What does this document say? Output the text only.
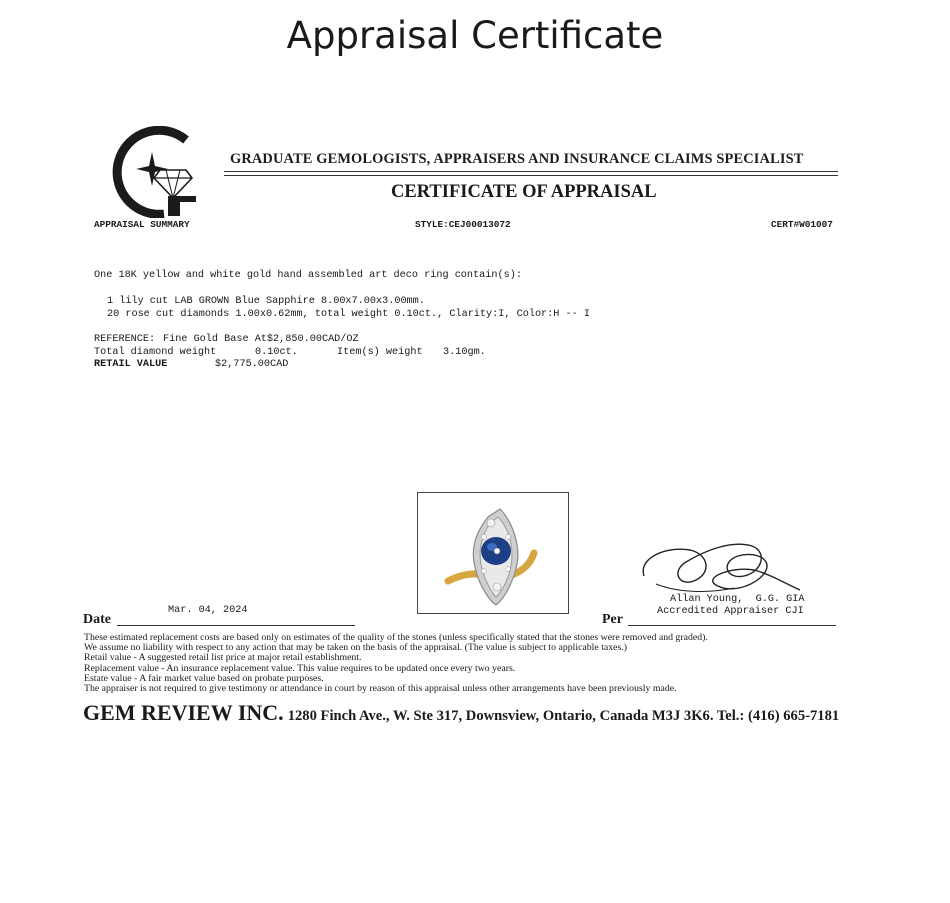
Appraisal Certificate
GRADUATE GEMOLOGISTS, APPRAISERS AND INSURANCE CLAIMS SPECIALIST
CERTIFICATE OF APPRAISAL
APPRAISAL SUMMARY	STYLE:CEJ00013072	CERT#W01007
One 18K yellow and white gold hand assembled art deco ring contain(s):
1 lily cut LAB GROWN Blue Sapphire 8.00x7.00x3.00mm.
20 rose cut diamonds 1.00x0.62mm, total weight 0.10ct., Clarity:I, Color:H -- I
REFERENCE: Fine Gold Base At$2,850.00CAD/OZ
Total diamond weight	0.10ct.	Item(s) weight 3.10gm.
RETAIL VALUE	$2,775.00CAD
Allan Young,  G.G. GIA
Accredited Appraiser CJI
Mar. 04, 2024
Date	Per
These estimated replacement costs are based only on estimates of the quality of the stones (unless specifically stated that the stones were removed and graded).
We assume no liability with respect to any action that may be taken on the basis of the appraisal. (The value is subject to applicable taxes.)
Retail value - A suggested retail list price at major retail establishment.
Replacement value - An insurance replacement value. This value requires to be updated once every two years.
Estate value - A fair market value based on probate purposes.
The appraiser is not required to give testimony or attendance in court by reason of this appraisal unless other arrangements have been previously made.
GEM REVIEW INC. 1280 Finch Ave., W. Ste 317, Downsview, Ontario, Canada M3J 3K6. Tel.: (416) 665-7181
